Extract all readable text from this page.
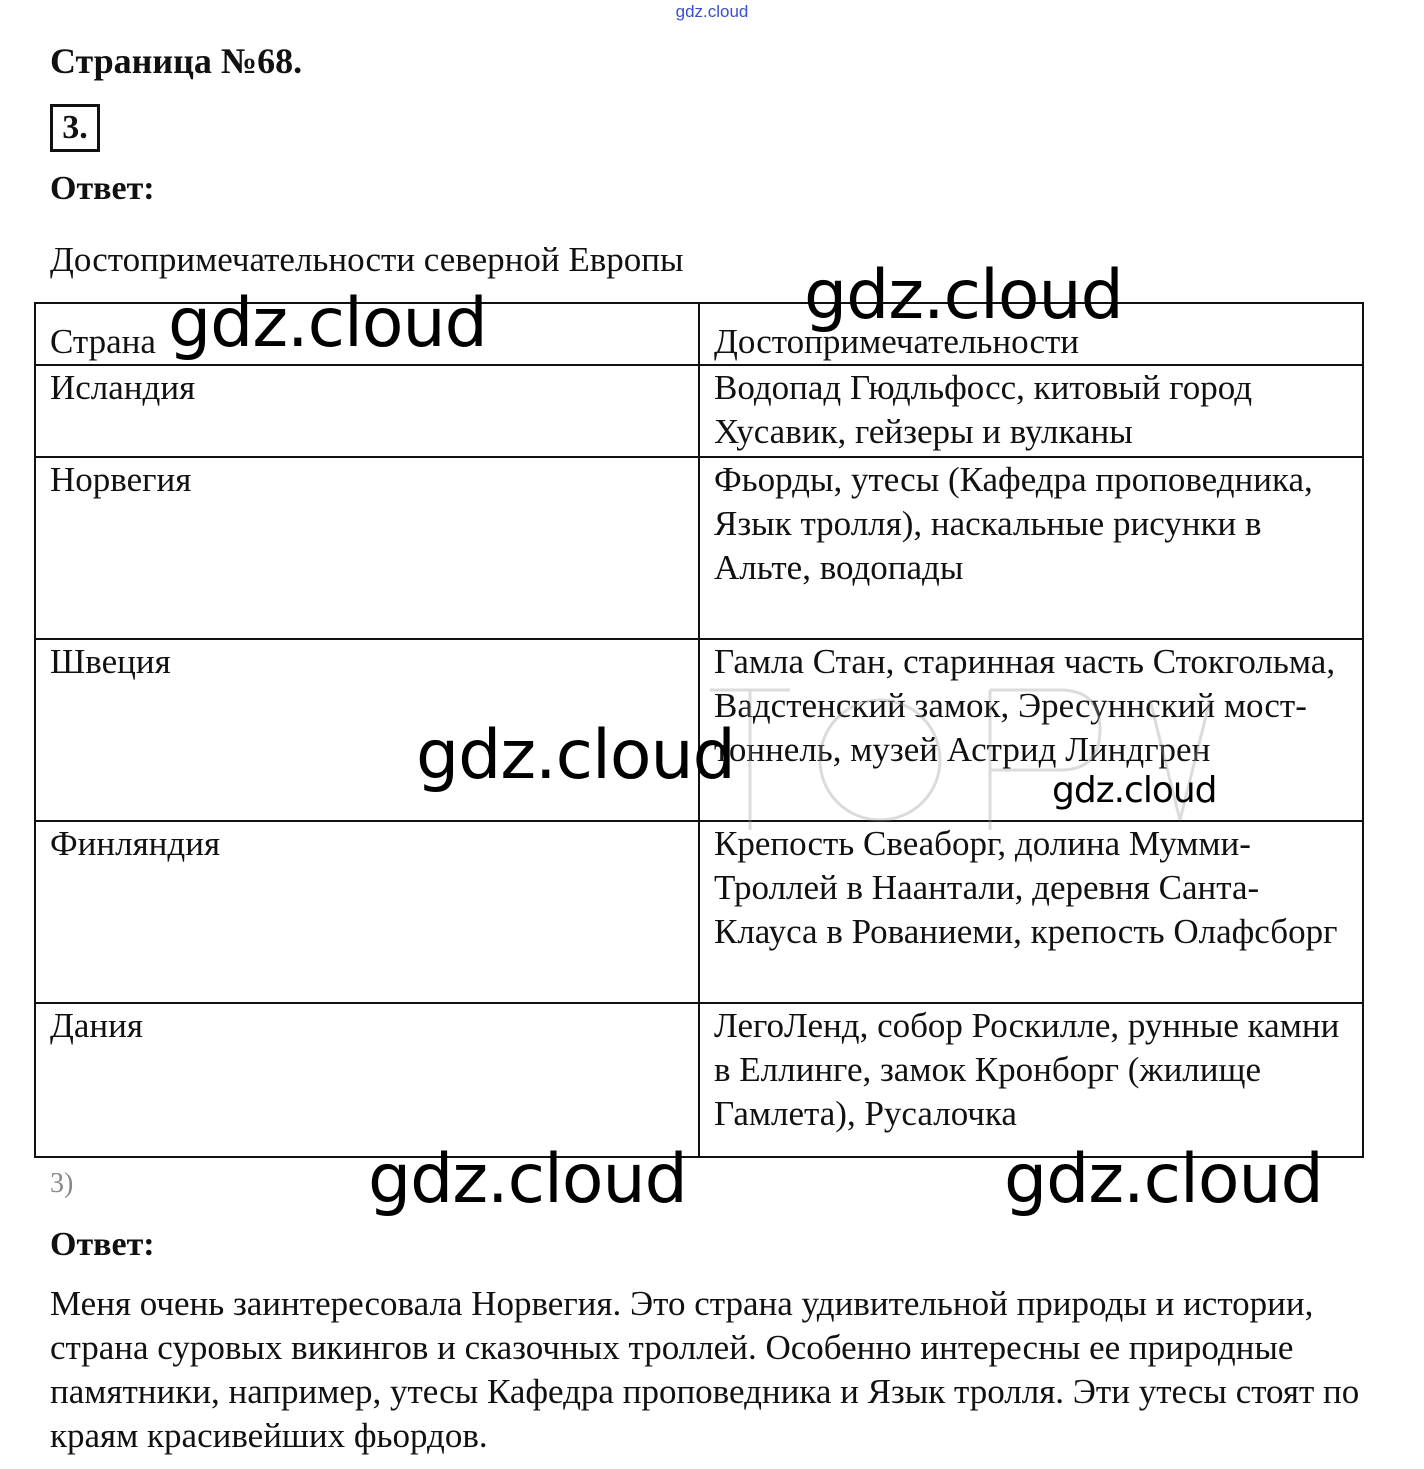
gdz.cloud
Страница №68.
3.
Ответ:
Достопримечательности северной Европы
Страна	Достопримечательности
Исландия	Водопад Гюдльфосс, китовый город Хусавик, гейзеры и вулканы
Норвегия	Фьорды, утесы (Кафедра проповедника, Язык тролля), наскальные рисунки в Альте, водопады
Швеция	Гамла Стан, старинная часть Стокгольма, Вадстенский замок, Эресуннский мост-тоннель, музей Астрид Линдгрен
Финляндия	Крепость Свеаборг, долина Мумми-Троллей в Наантали, деревня Санта-Клауса в Рованиеми, крепость Олафсборг
Дания	ЛегоЛенд, собор Роскилле, рунные камни в Еллинге, замок Кронборг (жилище Гамлета), Русалочка
3)
Ответ:
Меня очень заинтересовала Норвегия. Это страна удивительной природы и истории, страна суровых викингов и сказочных троллей. Особенно интересны ее природные памятники, например, утесы Кафедра проповедника и Язык тролля. Эти утесы стоят по краям красивейших фьордов.
gdz.cloud	gdz.cloud
gdz.cloud	gdz.cloud
gdz.cloud	gdz.cloud
